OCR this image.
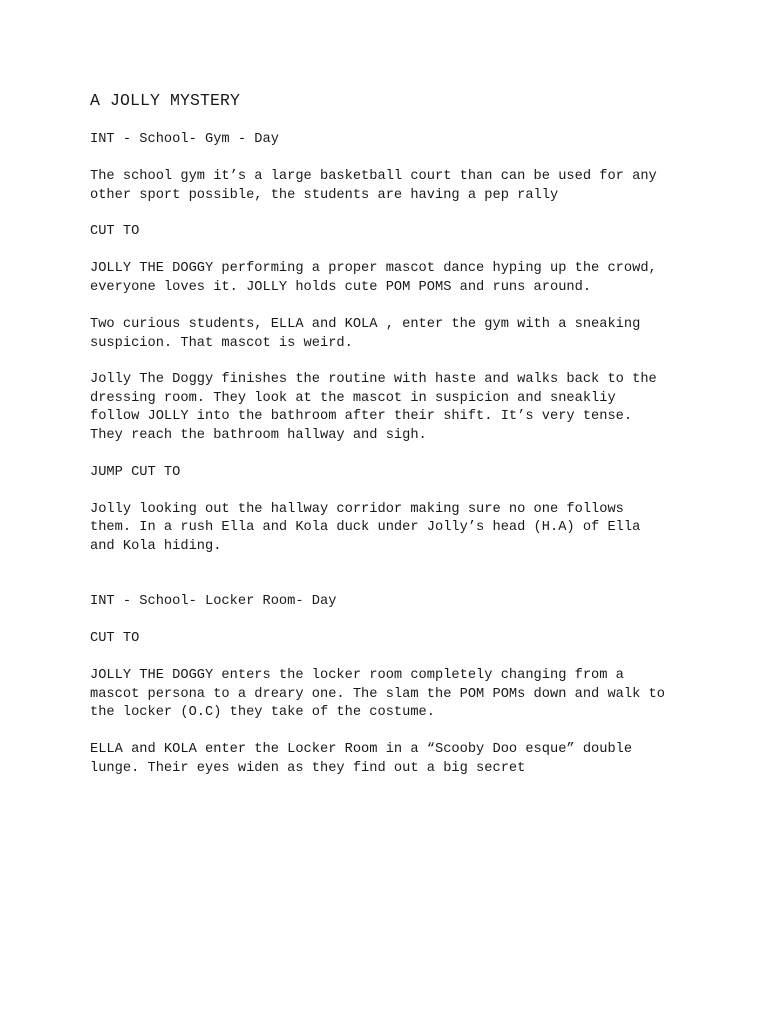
A JOLLY MYSTERY
INT - School- Gym - Day
The school gym it’s a large basketball court than can be used for any
other sport possible, the students are having a pep rally
CUT TO
JOLLY THE DOGGY performing a proper mascot dance hyping up the crowd,
everyone loves it. JOLLY holds cute POM POMS and runs around.
Two curious students, ELLA and KOLA , enter the gym with a sneaking
suspicion. That mascot is weird.
Jolly The Doggy finishes the routine with haste and walks back to the
dressing room. They look at the mascot in suspicion and sneakliy
follow JOLLY into the bathroom after their shift. It’s very tense.
They reach the bathroom hallway and sigh.
JUMP CUT TO
Jolly looking out the hallway corridor making sure no one follows
them. In a rush Ella and Kola duck under Jolly’s head (H.A) of Ella
and Kola hiding.
INT - School- Locker Room- Day
CUT TO
JOLLY THE DOGGY enters the locker room completely changing from a
mascot persona to a dreary one. The slam the POM POMs down and walk to
the locker (O.C) they take of the costume.
ELLA and KOLA enter the Locker Room in a “Scooby Doo esque” double
lunge. Their eyes widen as they find out a big secret
